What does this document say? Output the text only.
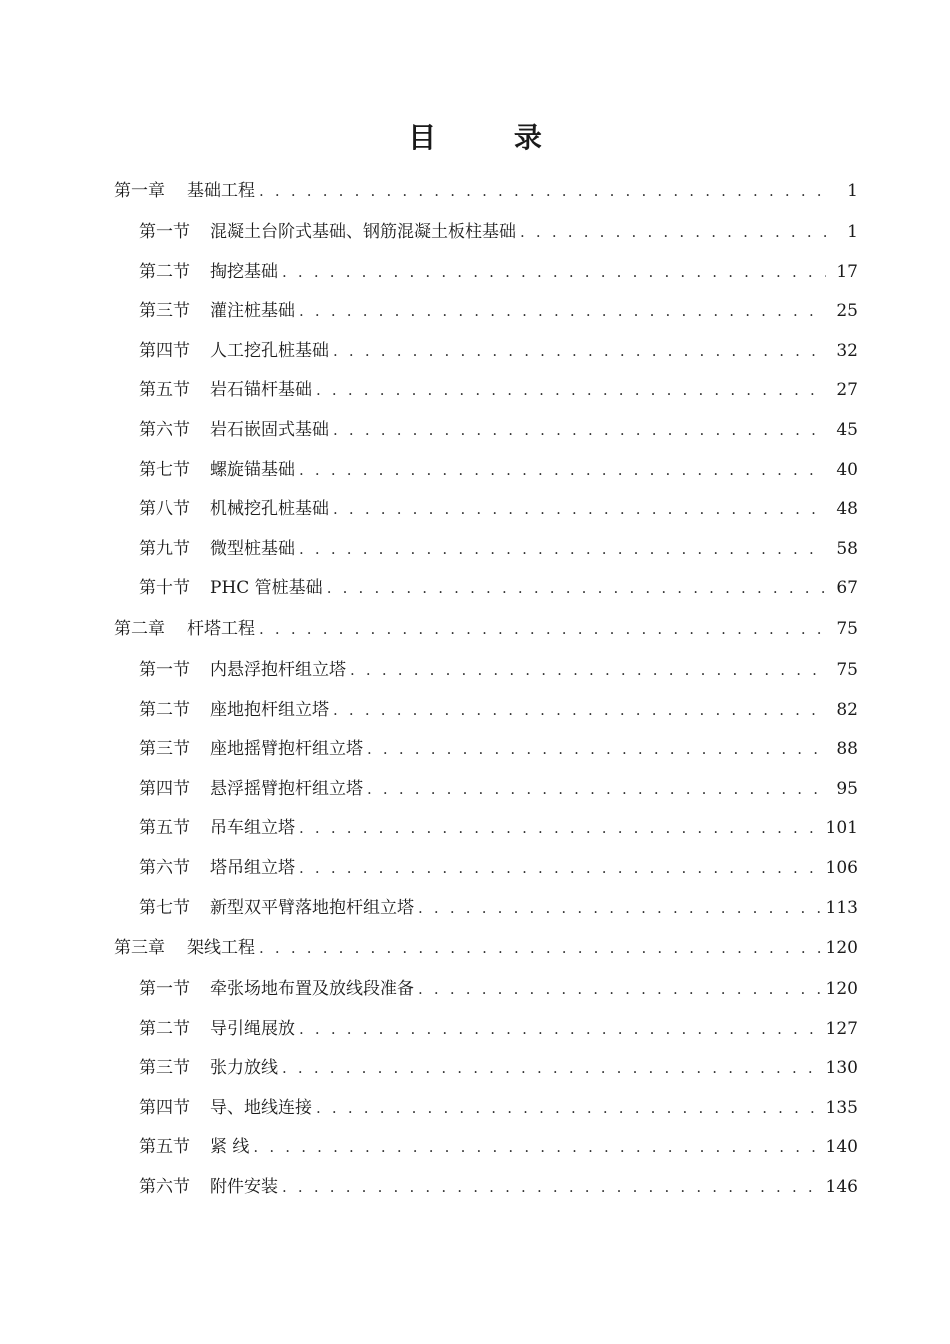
目 录
第一章 基础工程 . . .	1
第一节 混凝土台阶式基础、钢筋混凝土板柱基础 . . .	1
第二节 掏挖基础 . . .	17
第三节 灌注桩基础 . . .	25
第四节 人工挖孔桩基础 . . .	32
第五节 岩石锚杆基础 . . .	27
第六节 岩石嵌固式基础 . . .	45
第七节 螺旋锚基础 . . .	40
第八节 机械挖孔桩基础 . . .	48
第九节 微型桩基础 . . .	58
第十节 PHC 管桩基础 . . .	67
第二章 杆塔工程 . . .	75
第一节 内悬浮抱杆组立塔 . . .	75
第二节 座地抱杆组立塔 . . .	82
第三节 座地摇臂抱杆组立塔 . . .	88
第四节 悬浮摇臂抱杆组立塔 . . .	95
第五节 吊车组立塔 . . .	101
第六节 塔吊组立塔 . . .	106
第七节 新型双平臂落地抱杆组立塔 . . .	113
第三章 架线工程 . . .	120
第一节 牵张场地布置及放线段准备 . . .	120
第二节 导引绳展放 . . .	127
第三节 张力放线 . . .	130
第四节 导、地线连接 . . .	135
第五节 紧 线 . . .	140
第六节 附件安装 . . .	146
